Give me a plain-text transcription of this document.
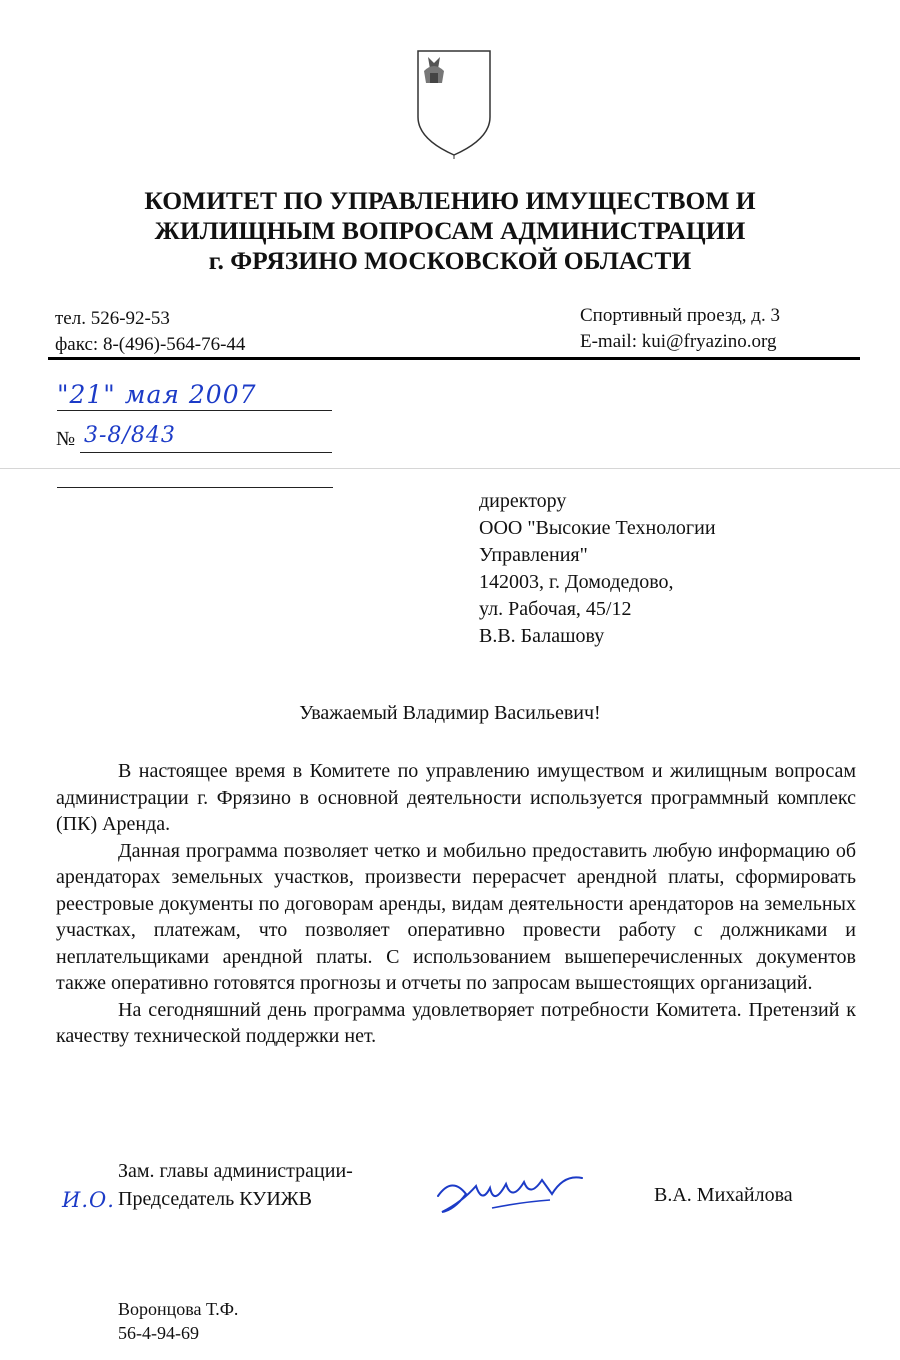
КОМИТЕТ ПО УПРАВЛЕНИЮ ИМУЩЕСТВОМ И
ЖИЛИЩНЫМ ВОПРОСАМ АДМИНИСТРАЦИИ
г. ФРЯЗИНО МОСКОВСКОЙ ОБЛАСТИ
тел. 526-92-53
факс: 8-(496)-564-76-44
Спортивный проезд, д. 3
E-mail: kui@fryazino.org
"21" мая 2007
№ 3-8/843
директору
ООО "Высокие Технологии
Управления"
142003, г. Домодедово,
ул. Рабочая, 45/12
В.В. Балашову
Уважаемый Владимир Васильевич!

В настоящее время в Комитете по управлению имуществом и жилищным вопросам администрации г. Фрязино в основной деятельности используется программный комплекс (ПК) Аренда.

Данная программа позволяет четко и мобильно предоставить любую информацию об арендаторах земельных участков, произвести перерасчет арендной платы, сформировать реестровые документы по договорам аренды, видам деятельности арендаторов на земельных участках, платежам, что позволяет оперативно провести работу с должниками и неплательщиками арендной платы. С использованием вышеперечисленных документов также оперативно готовятся прогнозы и отчеты по запросам вышестоящих организаций.

На сегодняшний день программа удовлетворяет потребности Комитета. Претензий к качеству технической поддержки нет.

Зам. главы администрации-
Председатель КУИЖВ
И.О.	В.А. Михайлова
Воронцова Т.Ф.
56-4-94-69
